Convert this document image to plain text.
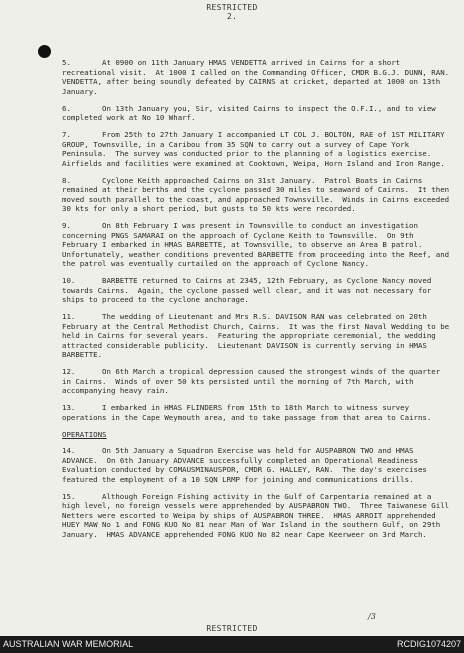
RESTRICTED
2.
5.	At 0900 on 11th January HMAS VENDETTA arrived in Cairns for a short recreational visit.  At 1000 I called on the Commanding Officer, CMDR B.G.J. DUNN, RAN.  VENDETTA, after being soundly defeated by CAIRNS at cricket, departed at 1000 on 13th January.
6.	On 13th January you, Sir, visited Cairns to inspect the O.F.I., and to view completed work at No 10 Wharf.
7.	From 25th to 27th January I accompanied LT COL J. BOLTON, RAE of 1ST MILITARY GROUP, Townsville, in a Caribou from 35 SQN to carry out a survey of Cape York Peninsula.  The survey was conducted prior to the planning of a logistics exercise.  Airfields and facilities were examined at Cooktown, Weipa, Horn Island and Iron Range.
8.	Cyclone Keith approached Cairns on 31st January.  Patrol Boats in Cairns remained at their berths and the cyclone passed 30 miles to seaward of Cairns.  It then moved south parallel to the coast, and approached Townsville.  Winds in Cairns exceeded 30 kts for only a short period, but gusts to 50 kts were recorded.
9.	On 8th February I was present in Townsville to conduct an investigation concerning PNGS SAMARAI on the approach of Cyclone Keith to Townsville.  On 9th February I embarked in HMAS BARBETTE, at Townsville, to observe an Area B patrol.  Unfortunately, weather conditions prevented BARBETTE from proceeding into the Reef, and the patrol was eventually curtailed on the approach of Cyclone Nancy.
10.	BARBETTE returned to Cairns at 2345, 12th February, as Cyclone Nancy moved towards Cairns.  Again, the cyclone passed well clear, and it was not necessary for ships to proceed to the cyclone anchorage.
11.	The wedding of Lieutenant and Mrs R.S. DAVISON RAN was celebrated on 20th February at the Central Methodist Church, Cairns.  It was the first Naval Wedding to be held in Cairns for several years.  Featuring the appropriate ceremonial, the wedding attracted considerable publicity.  Lieutenant DAVISON is currently serving in HMAS BARBETTE.
12.	On 6th March a tropical depression caused the strongest winds of the quarter in Cairns.  Winds of over 50 kts persisted until the morning of 7th March, with accompanying heavy rain.
13.	I embarked in HMAS FLINDERS from 15th to 18th March to witness survey operations in the Cape Weymouth area, and to take passage from that area to Cairns.
OPERATIONS
14.	On 5th January a Squadron Exercise was held for AUSPABRON TWO and HMAS ADVANCE.  On 6th January ADVANCE successfully completed an Operational Readiness Evaluation conducted by COMAUSMINAUSPOR, CMDR G. HALLEY, RAN.  The day's exercises featured the employment of a 10 SQN LRMP for joining and communications drills.
15.	Although Foreign Fishing activity in the Gulf of Carpentaria remained at a high level, no foreign vessels were apprehended by AUSPABRON TWO.  Three Taiwanese Gill Netters were escorted to Weipa by ships of AUSPABRON THREE.  HMAS ARROIT apprehended HUEY MAW No 1 and FONG KUO No 81 near Man of War Island in the southern Gulf, on 29th January.  HMAS ADVANCE apprehended FONG KUO No 82 near Cape Keerweer on 3rd March.
/3
RESTRICTED
AUSTRALIAN WAR MEMORIAL	RCDIG1074207
